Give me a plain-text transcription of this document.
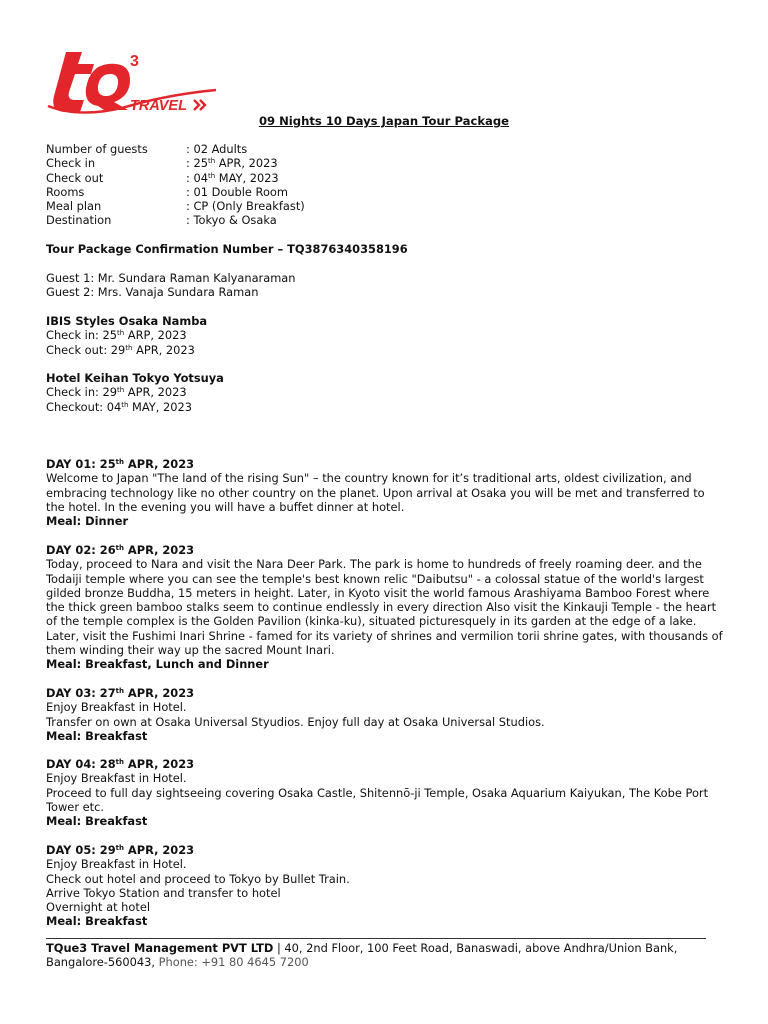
3
TRAVEL
tQ
09 Nights 10 Days Japan Tour Package
Number of guests	: 02 Adults
Check in	: 25th APR, 2023
Check out	: 04th MAY, 2023
Rooms	: 01 Double Room
Meal plan	: CP (Only Breakfast)
Destination	: Tokyo & Osaka
Tour Package Confirmation Number – TQ3876340358196
Guest 1: Mr. Sundara Raman Kalyanaraman
Guest 2: Mrs. Vanaja Sundara Raman
IBIS Styles Osaka Namba
Check in: 25th ARP, 2023
Check out: 29th APR, 2023
Hotel Keihan Tokyo Yotsuya
Check in: 29th APR, 2023
Checkout: 04th MAY, 2023
DAY 01: 25th APR, 2023

Welcome to Japan "The land of the rising Sun" – the country known for it’s traditional arts, oldest civilization, and embracing technology like no other country on the planet. Upon arrival at Osaka you will be met and transferred to the hotel. In the evening you will have a buffet dinner at hotel.

Meal: Dinner
DAY 02: 26th APR, 2023

Today, proceed to Nara and visit the Nara Deer Park. The park is home to hundreds of freely roaming deer. and the Todaiji temple where you can see the temple's best known relic "Daibutsu" - a colossal statue of the world's largest gilded bronze Buddha, 15 meters in height. Later, in Kyoto visit the world famous Arashiyama Bamboo Forest where the thick green bamboo stalks seem to continue endlessly in every direction Also visit the Kinkauji Temple - the heart of the temple complex is the Golden Pavilion (kinka-ku), situated picturesquely in its garden at the edge of a lake. Later, visit the Fushimi Inari Shrine - famed for its variety of shrines and vermilion torii shrine gates, with thousands of them winding their way up the sacred Mount Inari.

Meal: Breakfast, Lunch and Dinner
DAY 03: 27th APR, 2023

Enjoy Breakfast in Hotel.

Transfer on own at Osaka Universal Styudios. Enjoy full day at Osaka Universal Studios.

Meal: Breakfast
DAY 04: 28th APR, 2023

Enjoy Breakfast in Hotel.

Proceed to full day sightseeing covering Osaka Castle, Shitennō-ji Temple, Osaka Aquarium Kaiyukan, The Kobe Port Tower etc.

Meal: Breakfast
DAY 05: 29th APR, 2023

Enjoy Breakfast in Hotel.

Check out hotel and proceed to Tokyo by Bullet Train.

Arrive Tokyo Station and transfer to hotel

Overnight at hotel

Meal: Breakfast
TQue3 Travel Management PVT LTD | 40, 2nd Floor, 100 Feet Road, Banaswadi, above Andhra/Union Bank, Bangalore-560043, Phone: +91 80 4645 7200
